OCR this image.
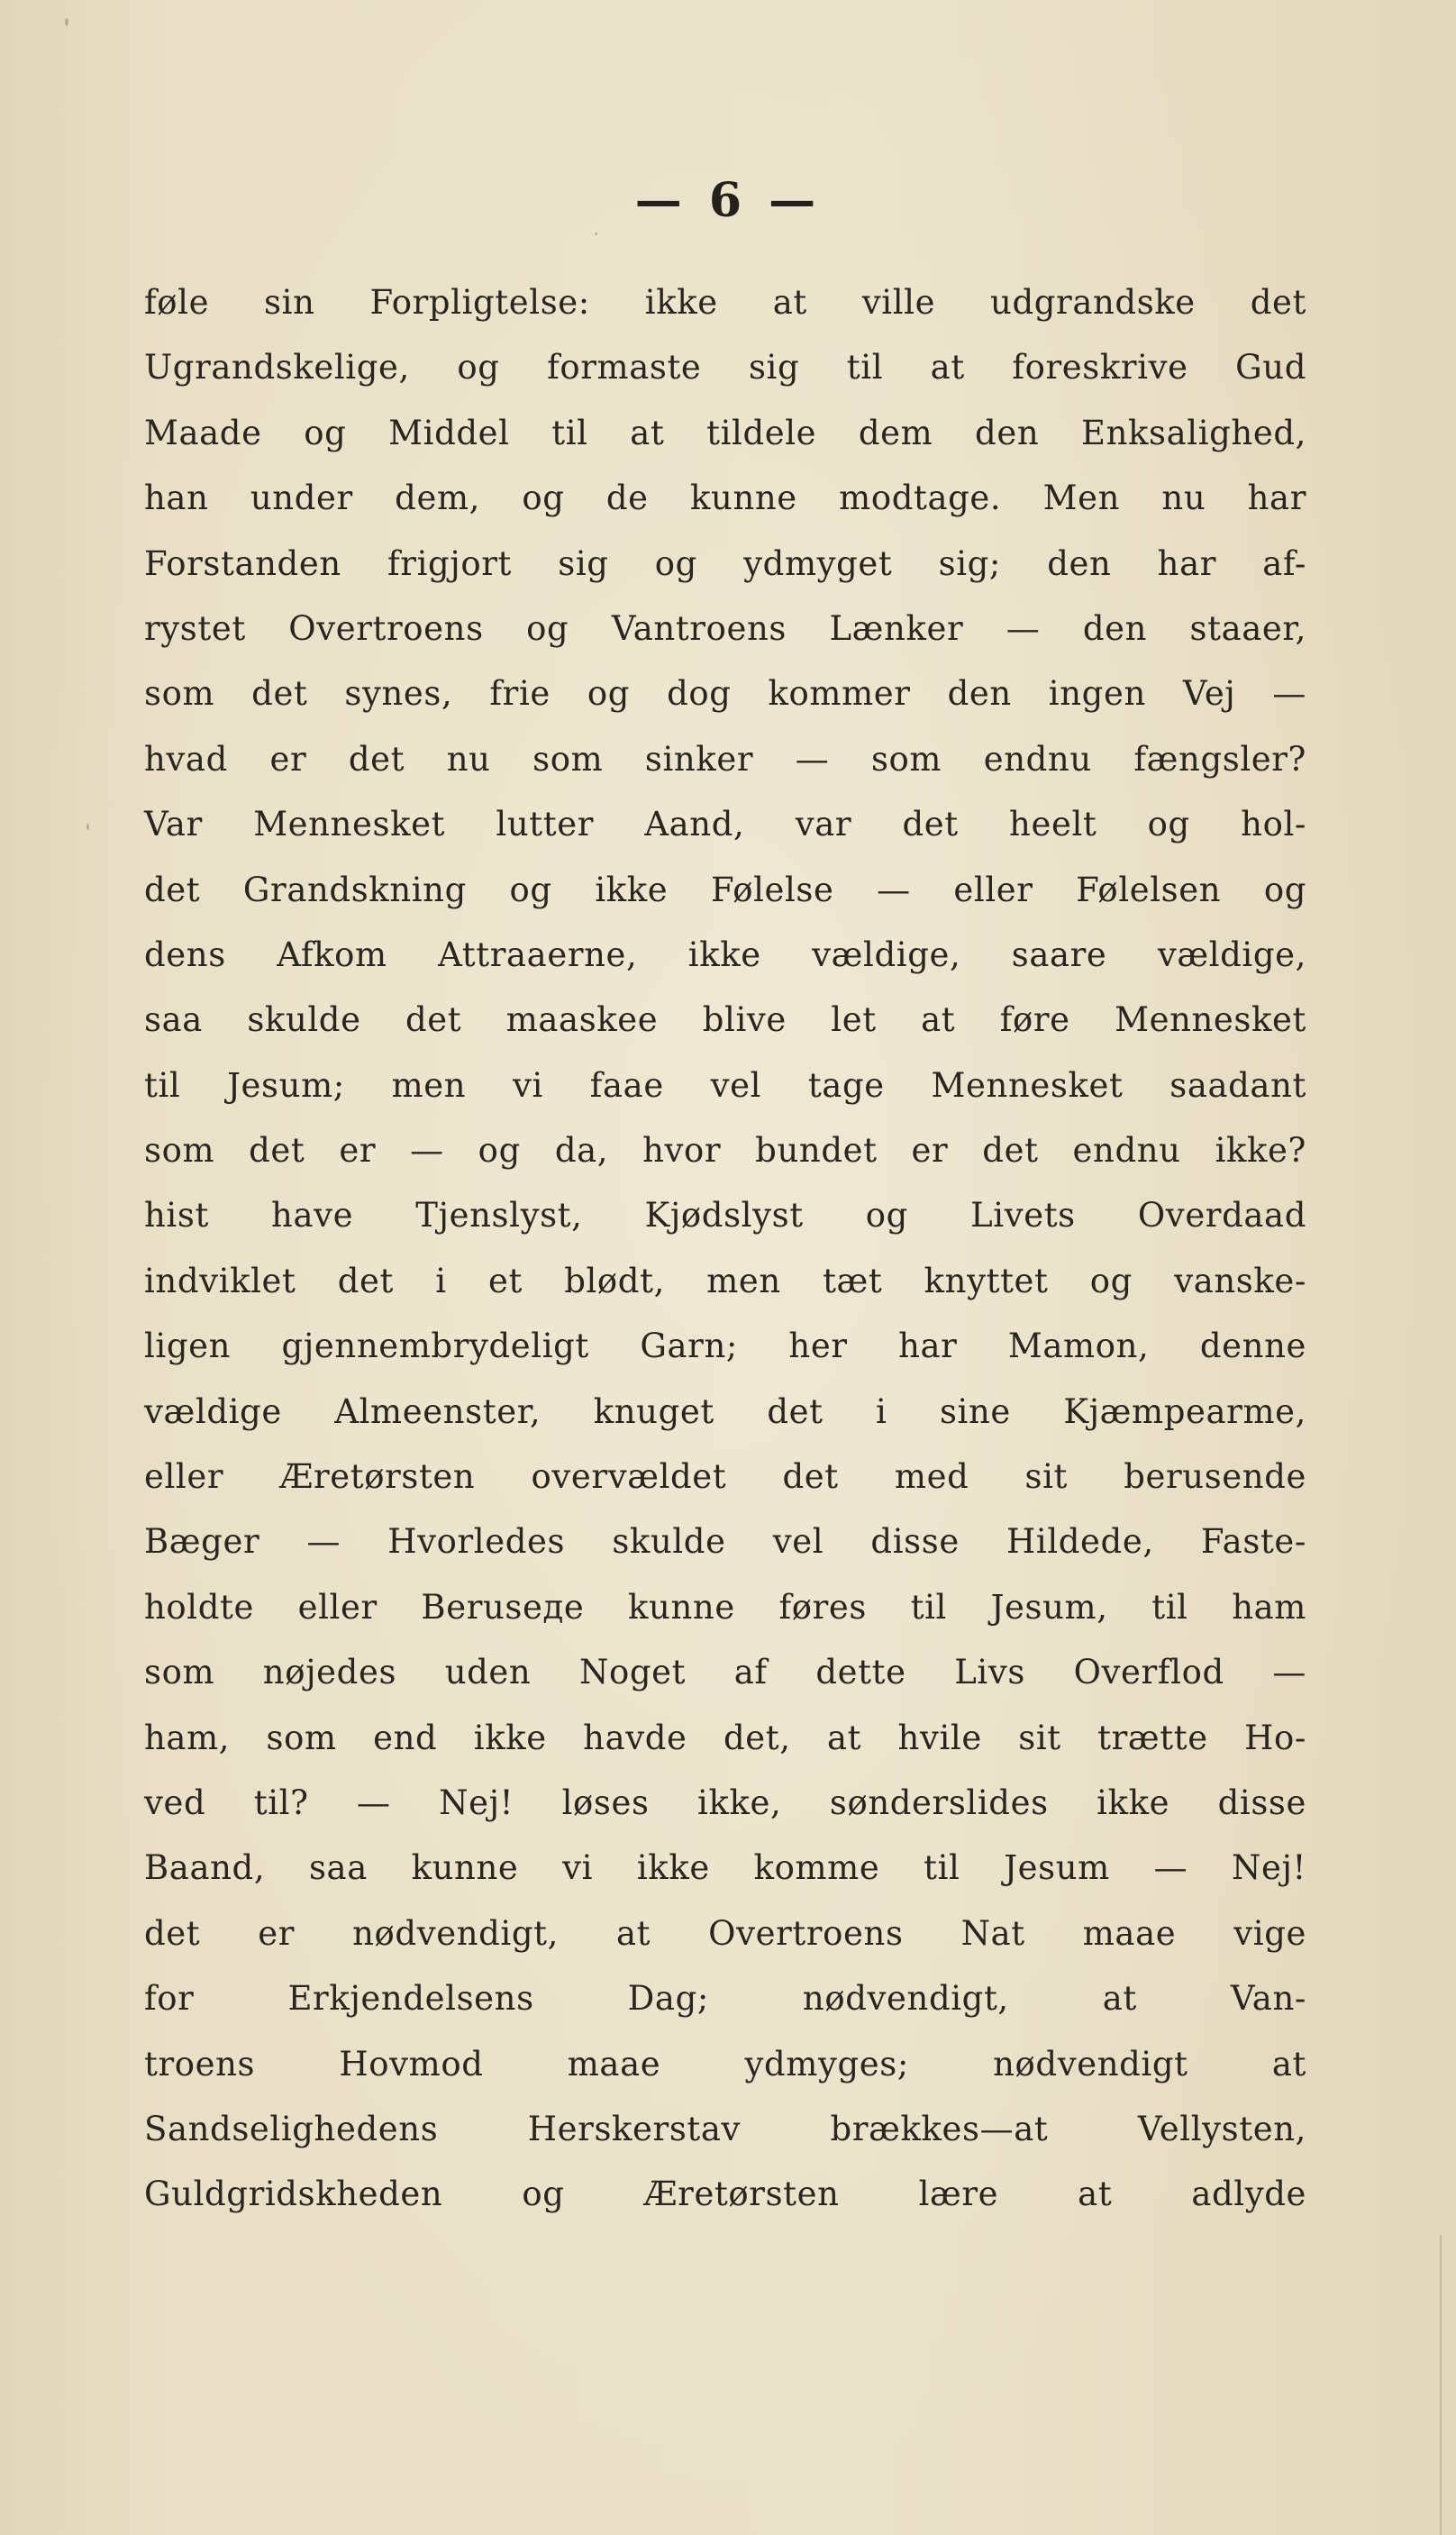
— 6 —
føle sin Forpligtelse: ikke at ville udgrandske det
Ugrandskelige, og formaste sig til at foreskrive Gud
Maade og Middel til at tildele dem den Enksalighed,
han under dem, og de kunne modtage. Men nu har
Forstanden frigjort sig og ydmyget sig; den har af-
rystet Overtroens og Vantroens Lænker — den staaer,
som det synes, frie og dog kommer den ingen Vej —
hvad er det nu som sinker — som endnu fængsler?
Var Mennesket lutter Aand, var det heelt og hol-
det Grandskning og ikke Følelse — eller Følelsen og
dens Afkom Attraaerne, ikke vældige, saare vældige,
saa skulde det maaskee blive let at føre Mennesket
til Jesum; men vi faae vel tage Mennesket saadant
som det er — og da, hvor bundet er det endnu ikke?
hist have Tjenslyst, Kjødslyst og Livets Overdaad
indviklet det i et blødt, men tæt knyttet og vanske-
ligen gjennembrydeligt Garn; her har Mamon, denne
vældige Almeenster, knuget det i sine Kjæmpearme,
eller Æretørsten overvældet det med sit berusende
Bæger — Hvorledes skulde vel disse Hildede, Faste-
holdte eller Beruseде kunne føres til Jesum, til ham
som nøjedes uden Noget af dette Livs Overflod —
ham, som end ikke havde det, at hvile sit trætte Ho-
ved til? — Nej! løses ikke, sønderslides ikke disse
Baand, saa kunne vi ikke komme til Jesum — Nej!
det er nødvendigt, at Overtroens Nat maae vige
for Erkjendelsens Dag; nødvendigt, at Van-
troens Hovmod maae ydmyges; nødvendigt at
Sandselighedens Herskerstav brækkes—at Vellysten,
Guldgridskheden og Æretørsten lære at adlyde
